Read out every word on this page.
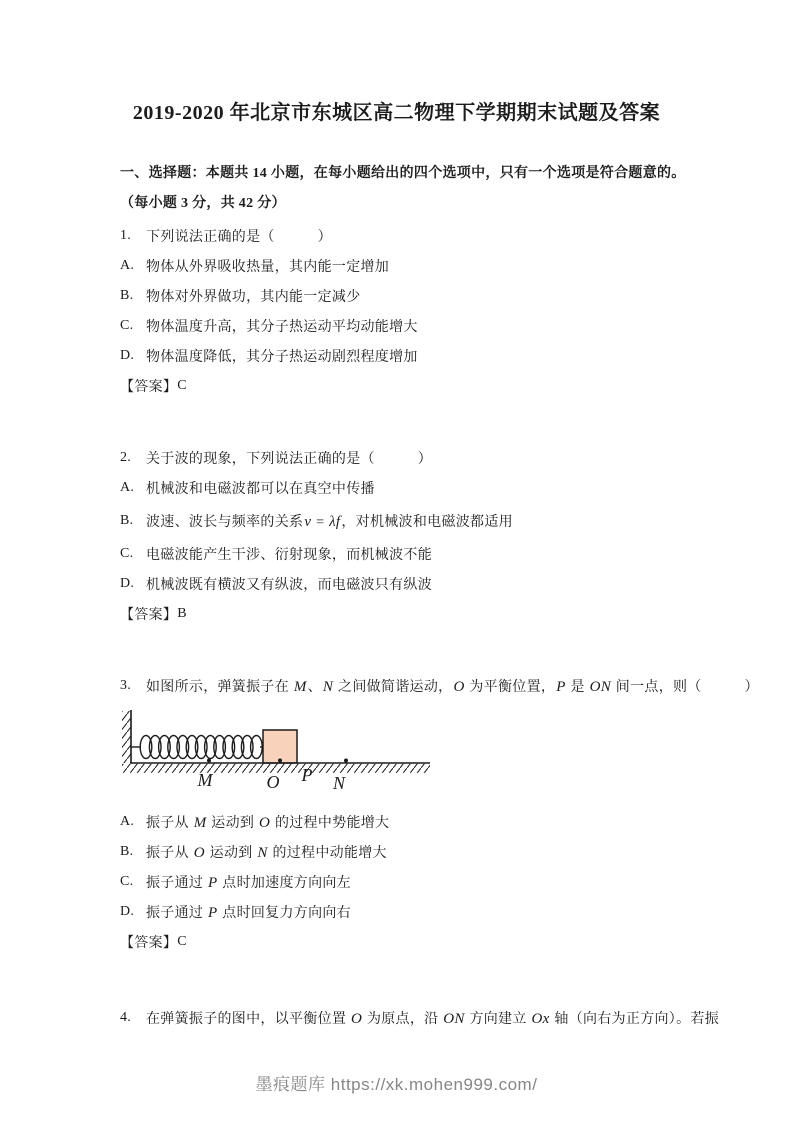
2019-2020 年北京市东城区高二物理下学期期末试题及答案
一、选择题：本题共 14 小题，在每小题给出的四个选项中，只有一个选项是符合题意的。
（每小题 3 分，共 42 分）
1.	下列说法正确的是（　　　）
A. 物体从外界吸收热量，其内能一定增加
B. 物体对外界做功，其内能一定减少
C. 物体温度升高，其分子热运动平均动能增大
D. 物体温度降低，其分子热运动剧烈程度增加
【答案】 C
2.	关于波的现象，下列说法正确的是（　　　）
A. 机械波和电磁波都可以在真空中传播
B. 波速、波长与频率的关系v = λf，对机械波和电磁波都适用
C. 电磁波能产生干涉、衍射现象，而机械波不能
D. 机械波既有横波又有纵波，而电磁波只有纵波
【答案】 B
3.	如图所示，弹簧振子在 M、N 之间做简谐运动，O 为平衡位置，P 是 ON 间一点，则（　　　）
M	O P N
A. 振子从 M 运动到 O 的过程中势能增大
B. 振子从 O 运动到 N 的过程中动能增大
C. 振子通过 P 点时加速度方向向左
D. 振子通过 P 点时回复力方向向右
【答案】 C
4.	在弹簧振子的图中，以平衡位置 O 为原点，沿 ON 方向建立 Ox 轴（向右为正方向）。若振
墨痕题库 https://xk.mohen999.com/
